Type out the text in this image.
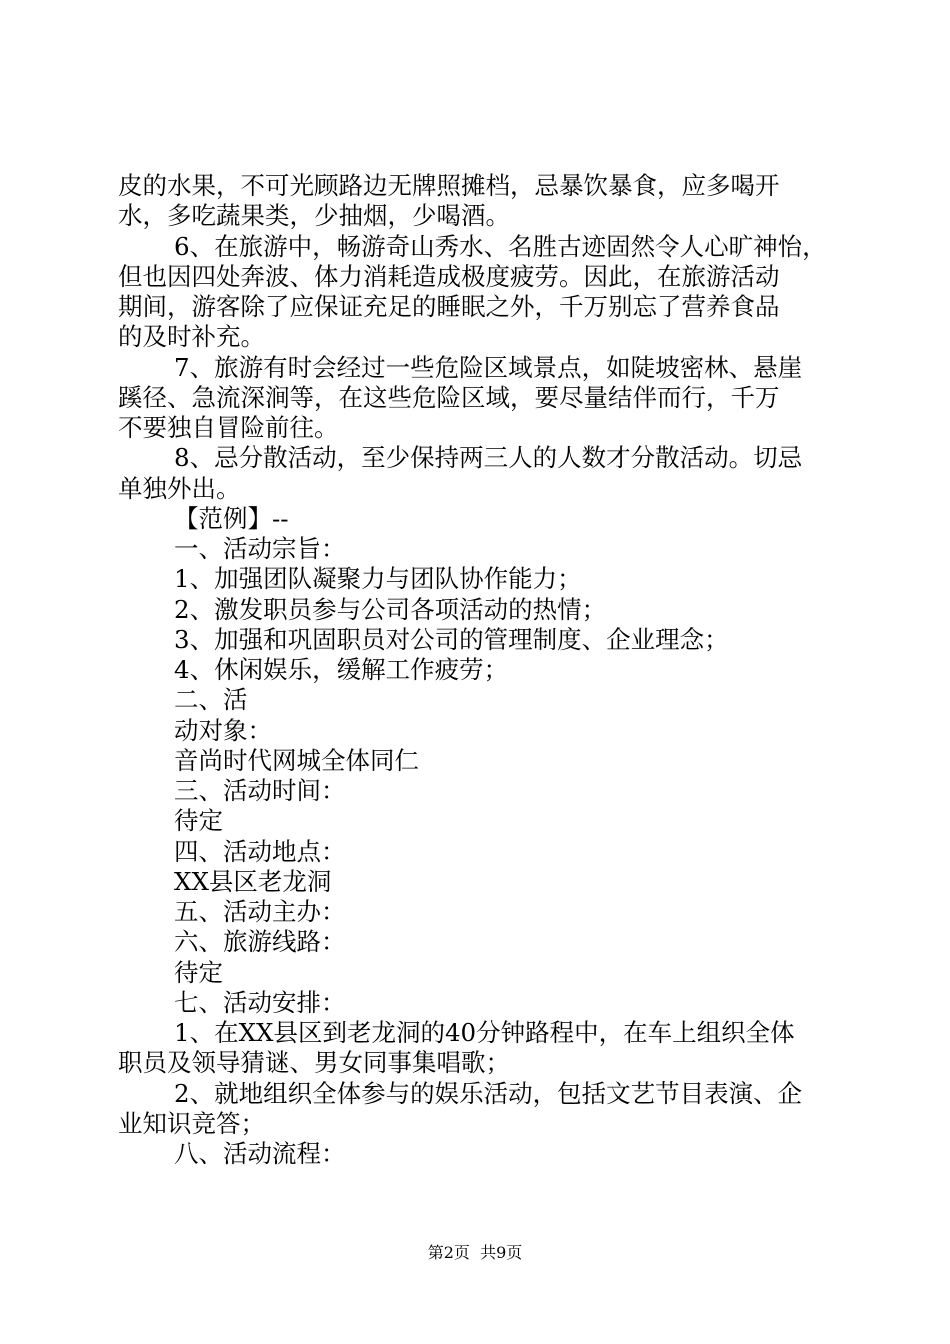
皮的水果，不可光顾路边无牌照摊档，忌暴饮暴食，应多喝开
水，多吃蔬果类，少抽烟，少喝酒。
6、在旅游中，畅游奇山秀水、名胜古迹固然令人心旷神怡，
但也因四处奔波、体力消耗造成极度疲劳。因此，在旅游活动
期间，游客除了应保证充足的睡眠之外，千万别忘了营养食品
的及时补充。
7、旅游有时会经过一些危险区域景点，如陡坡密林、悬崖
蹊径、急流深涧等，在这些危险区域，要尽量结伴而行，千万
不要独自冒险前往。
8、忌分散活动，至少保持两三人的人数才分散活动。切忌
单独外出。
【范例】--
一、活动宗旨：
1、加强团队凝聚力与团队协作能力；
2、激发职员参与公司各项活动的热情；
3、加强和巩固职员对公司的管理制度、企业理念；
4、休闲娱乐，缓解工作疲劳；
二、活
动对象：
音尚时代网城全体同仁
三、活动时间：
待定
四、活动地点：
XX县区老龙洞
五、活动主办：
六、旅游线路：
待定
七、活动安排：
1、在XX县区到老龙洞的40分钟路程中，在车上组织全体
职员及领导猜谜、男女同事集唱歌；
2、就地组织全体参与的娱乐活动，包括文艺节目表演、企
业知识竞答；
八、活动流程：
第2页 共9页
